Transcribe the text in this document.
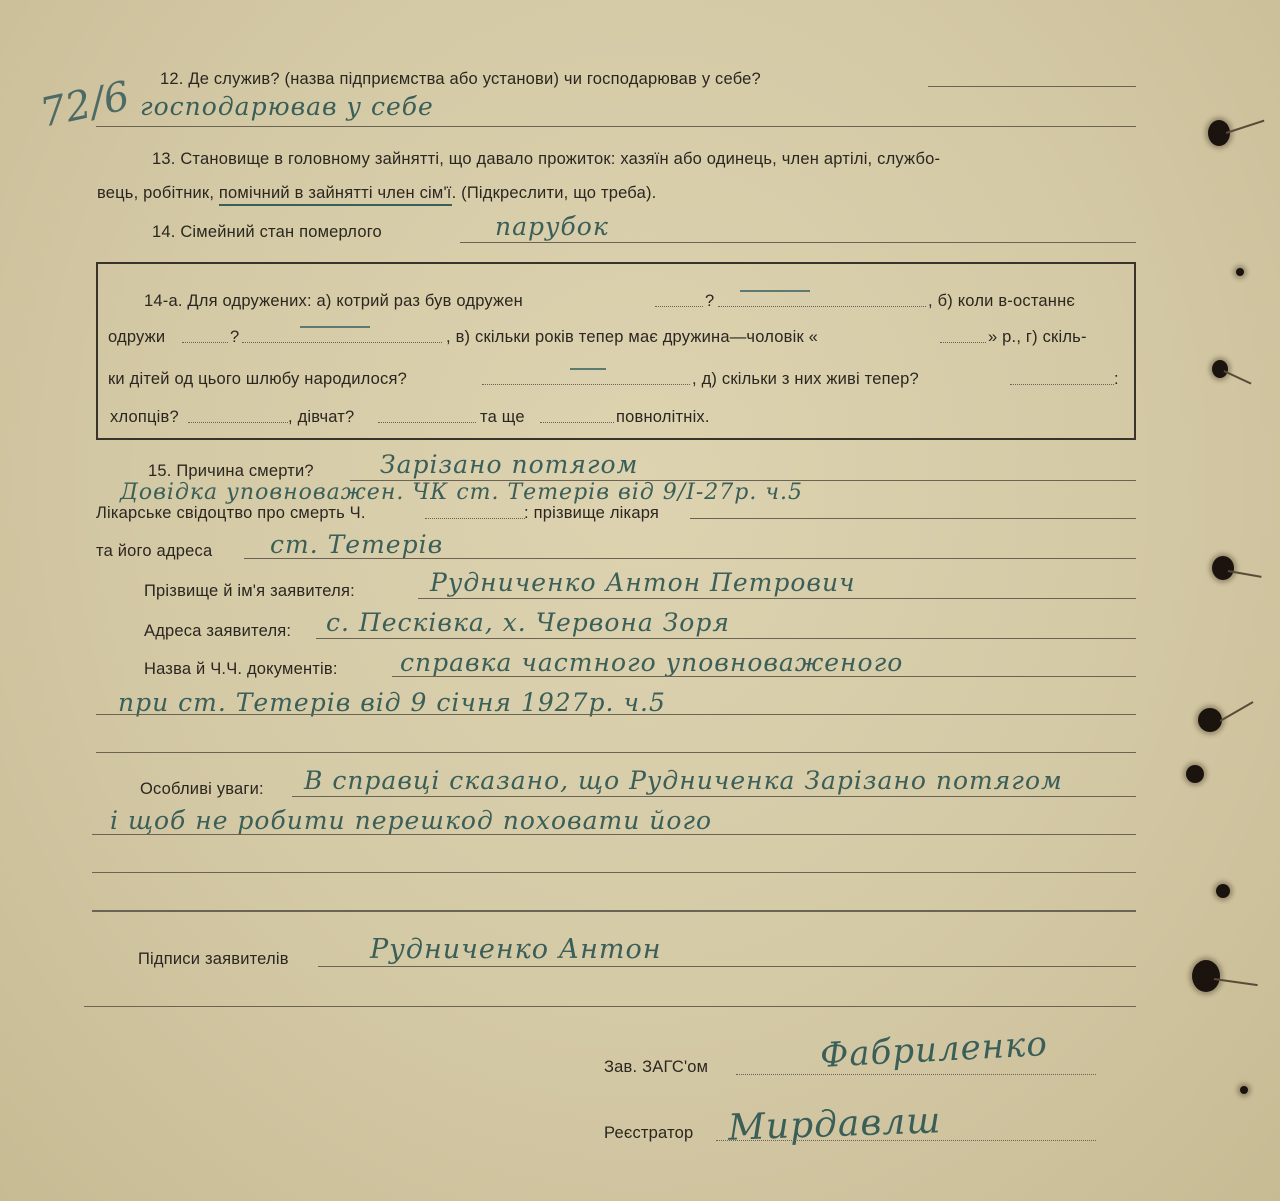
72/6 12. Де служив? (назва підприємства або установи) чи господарював у себе?
господарював у себе
13. Становище в головному зайнятті, що давало прожиток: хазяїн або одинець, член артілі, службо-
вець, робітник, помічний в зайнятті член сім'ї. (Підкреслити, що треба).
14. Сімейний стан померлого	парубок
14-а. Для одружених: а) котрий раз був одружен	?	, б) коли в-останнє
одружи	?	, в) скільки років тепер має дружина—чоловік «	» р., г) скіль-
ки дітей од цього шлюбу народилося?	, д) скільки з них живі тепер?	:
хлопців?	, дівчат?	та ще	повнолітніх.
15. Причина смерти?	Зарізано потягом
Довідка уповноважен. ЧК ст. Тетерів від 9/І-27р. ч.5
Лікарське свідоцтво про смерть Ч.	: прізвище лікаря
та його адреса ст. Тетерів
Прізвище й ім'я заявителя:	Рудниченко Антон Петрович
Адреса заявителя: с. Песківка, х. Червона Зоря
Назва й Ч.Ч. документів: справка частного уповноваженого
при ст. Тетерів від 9 січня 1927р. ч.5
Особливі уваги: В справці сказано, що Рудниченка Зарізано потягом
і щоб не робити перешкод поховати його
Підписи заявителів	Рудниченко Антон
Зав. ЗАГС'ом	Фабриленко
Реєстратор Мирдавлш
